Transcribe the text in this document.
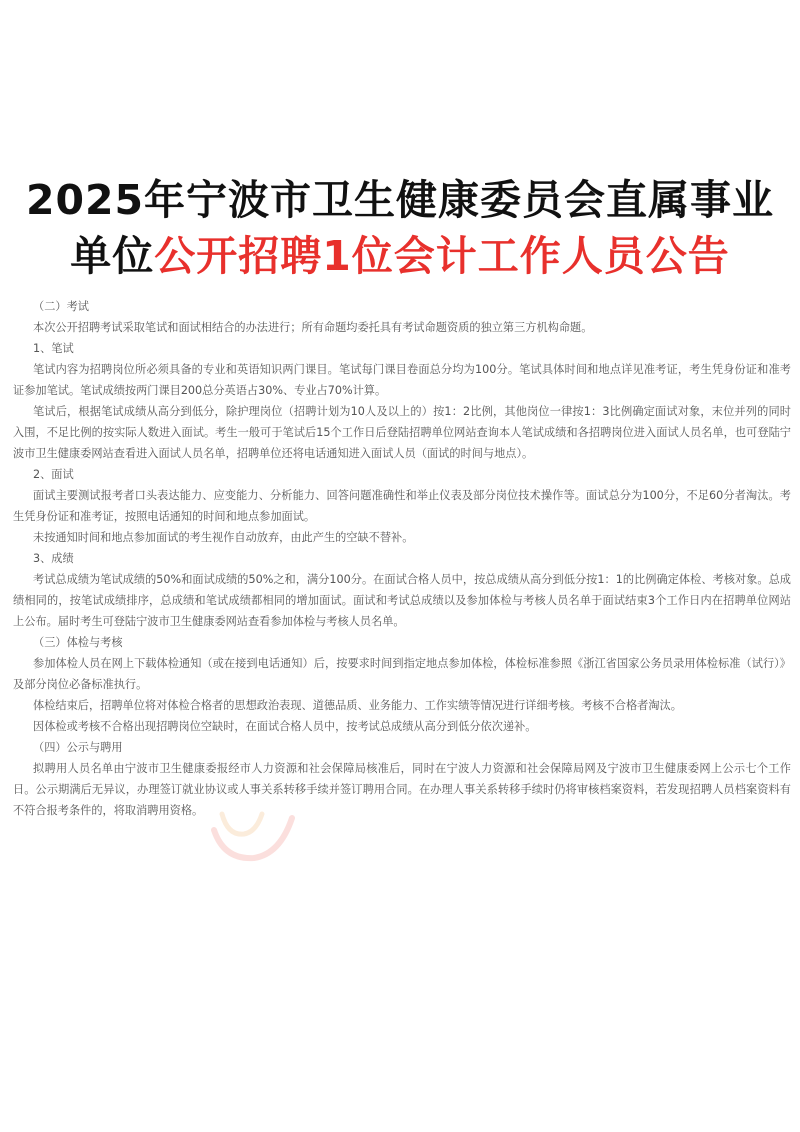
2025年宁波市卫生健康委员会直属事业
单位公开招聘1位会计工作人员公告

（二）考试

本次公开招聘考试采取笔试和面试相结合的办法进行；所有命题均委托具有考试命题资质的独立第三方机构命题。

1、笔试

笔试内容为招聘岗位所必须具备的专业和英语知识两门课目。笔试每门课目卷面总分均为100分。笔试具体时间和地点详见准考证，考生凭身份证和准考证参加笔试。笔试成绩按两门课目200总分英语占30%、专业占70%计算。

笔试后，根据笔试成绩从高分到低分，除护理岗位（招聘计划为10人及以上的）按1：2比例，其他岗位一律按1：3比例确定面试对象，末位并列的同时入围，不足比例的按实际人数进入面试。考生一般可于笔试后15个工作日后登陆招聘单位网站查询本人笔试成绩和各招聘岗位进入面试人员名单，也可登陆宁波市卫生健康委网站查看进入面试人员名单，招聘单位还将电话通知进入面试人员（面试的时间与地点）。

2、面试

面试主要测试报考者口头表达能力、应变能力、分析能力、回答问题准确性和举止仪表及部分岗位技术操作等。面试总分为100分，不足60分者淘汰。考生凭身份证和准考证，按照电话通知的时间和地点参加面试。

未按通知时间和地点参加面试的考生视作自动放弃，由此产生的空缺不替补。

3、成绩

考试总成绩为笔试成绩的50%和面试成绩的50%之和，满分100分。在面试合格人员中，按总成绩从高分到低分按1：1的比例确定体检、考核对象。总成绩相同的，按笔试成绩排序，总成绩和笔试成绩都相同的增加面试。面试和考试总成绩以及参加体检与考核人员名单于面试结束3个工作日内在招聘单位网站上公布。届时考生可登陆宁波市卫生健康委网站查看参加体检与考核人员名单。

（三）体检与考核

参加体检人员在网上下载体检通知（或在接到电话通知）后，按要求时间到指定地点参加体检，体检标准参照《浙江省国家公务员录用体检标准（试行）》及部分岗位必备标准执行。

体检结束后，招聘单位将对体检合格者的思想政治表现、道德品质、业务能力、工作实绩等情况进行详细考核。考核不合格者淘汰。

因体检或考核不合格出现招聘岗位空缺时，在面试合格人员中，按考试总成绩从高分到低分依次递补。

（四）公示与聘用

拟聘用人员名单由宁波市卫生健康委报经市人力资源和社会保障局核准后，同时在宁波人力资源和社会保障局网及宁波市卫生健康委网上公示七个工作日。公示期满后无异议，办理签订就业协议或人事关系转移手续并签订聘用合同。在办理人事关系转移手续时仍将审核档案资料，若发现招聘人员档案资料有不符合报考条件的，将取消聘用资格。
